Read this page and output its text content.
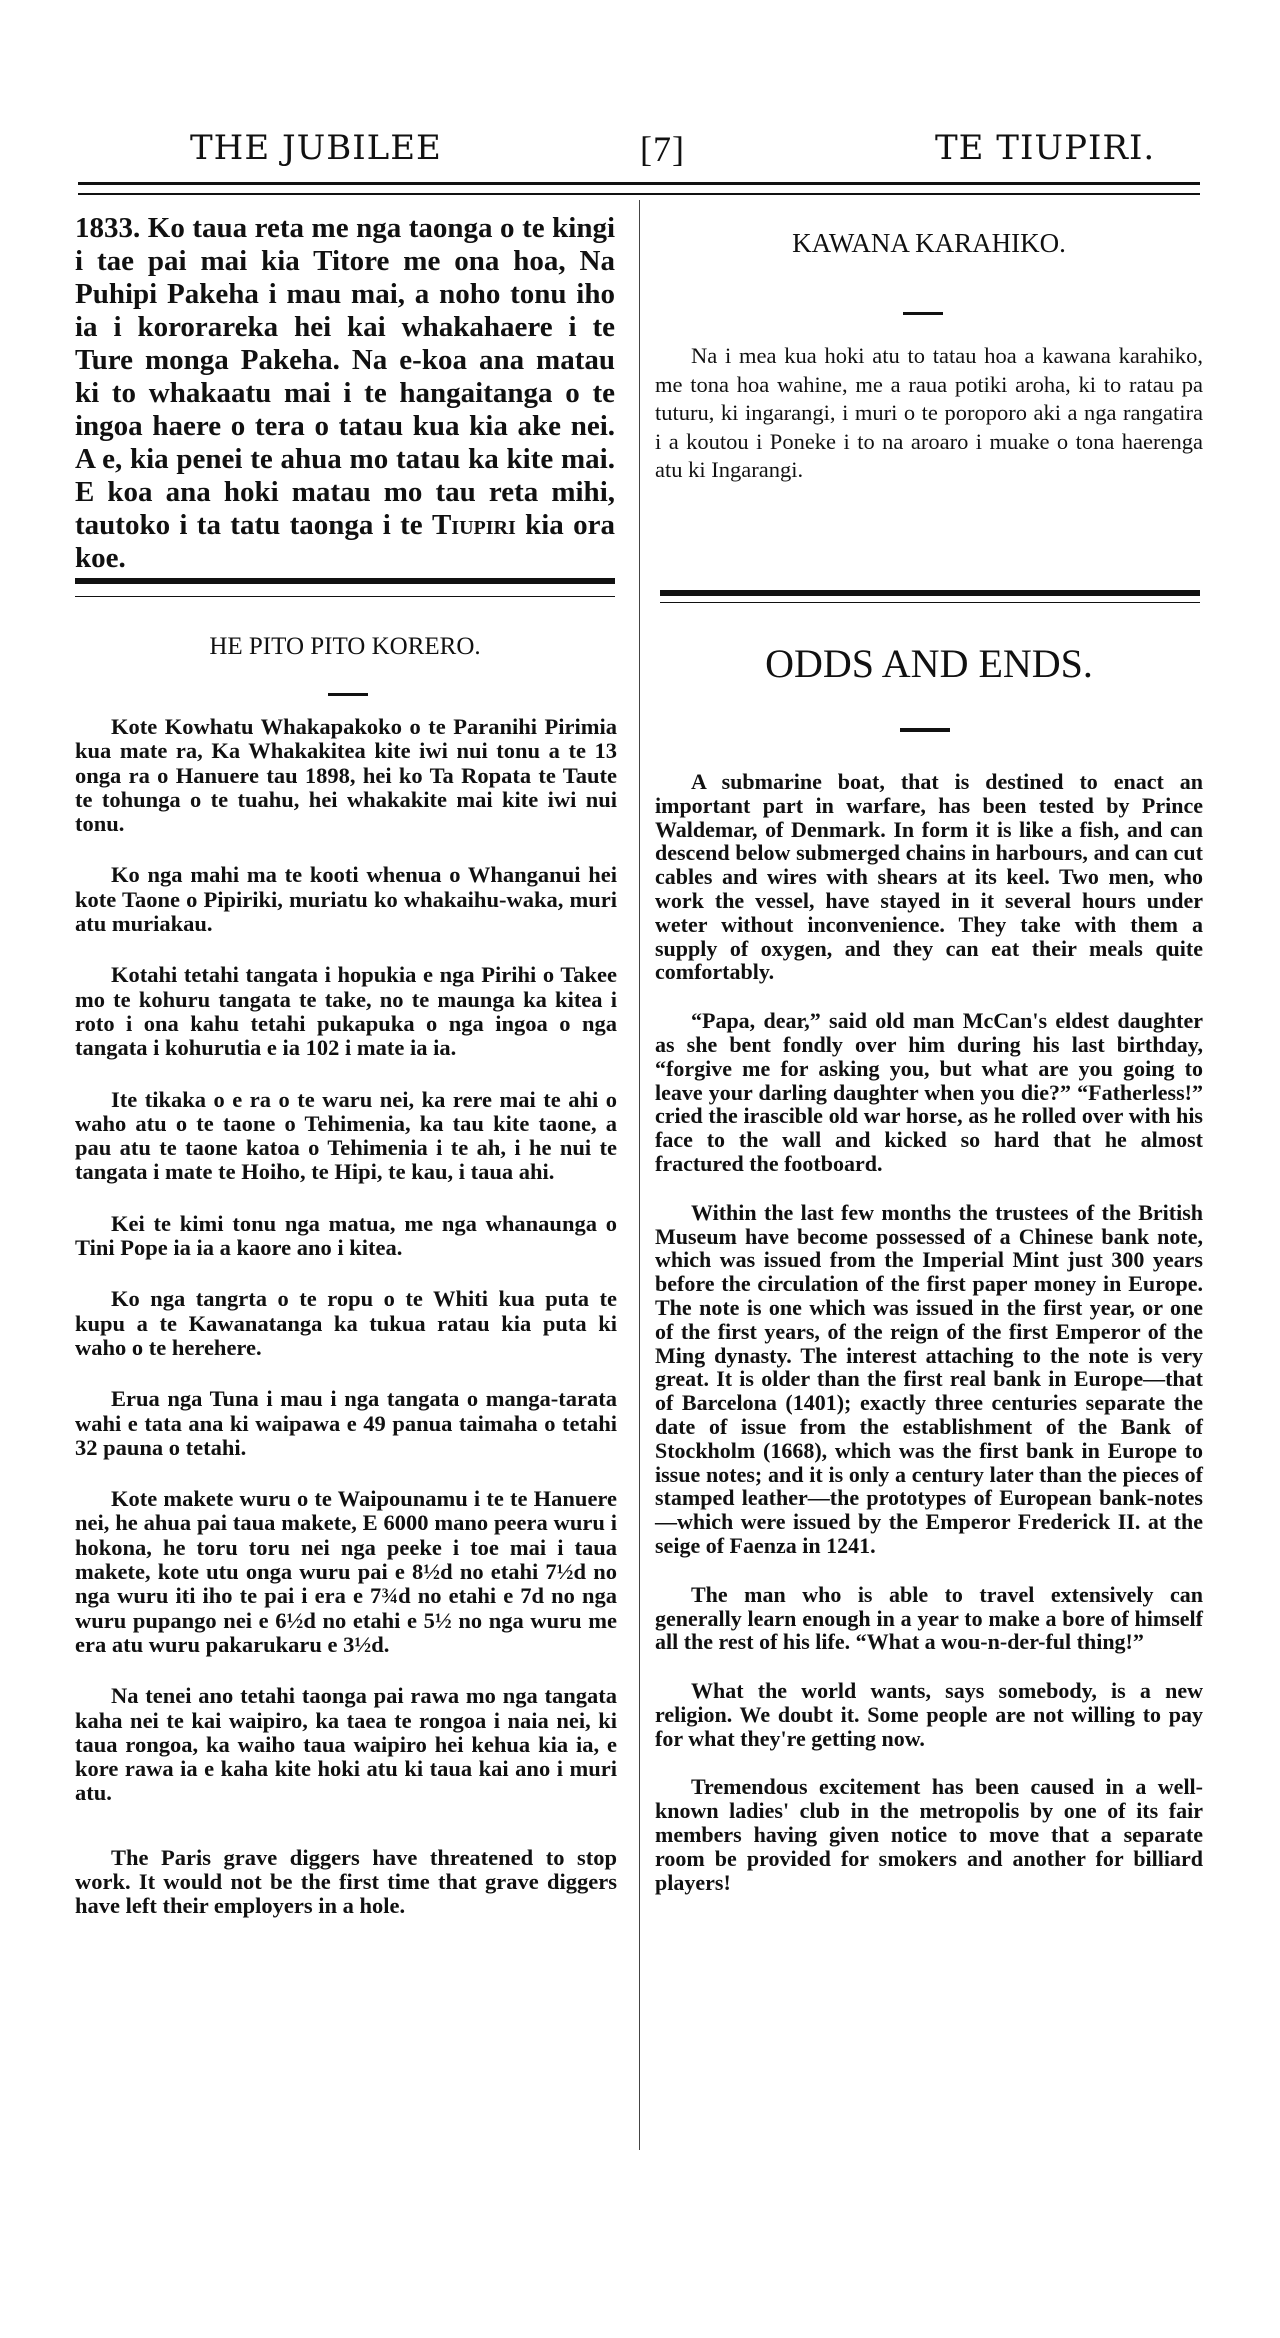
THE JUBILEE	[7]	TE TIUPIRI.

1833. Ko taua reta me nga taonga o te kingi i tae pai mai kia Titore me ona hoa, Na Puhipi Pakeha i mau mai, a noho tonu iho ia i kororareka hei kai whakahaere i te Ture monga Pakeha. Na e-koa ana matau ki to whakaatu mai i te hangaitanga o te ingoa haere o tera o tatau kua kia ake nei. A e, kia penei te ahua mo tatau ka kite mai. E koa ana hoki matau mo tau reta mihi, tautoko i ta tatu taonga i te Tiupiri kia ora koe.

HE PITO PITO KORERO.

Kote Kowhatu Whakapakoko o te Paranihi Pirimia kua mate ra, Ka Whakakitea kite iwi nui tonu a te 13 onga ra o Hanuere tau 1898, hei ko Ta Ropata te Taute te tohunga o te tuahu, hei whakakite mai kite iwi nui tonu.

Ko nga mahi ma te kooti whenua o Whanganui hei kote Taone o Pipiriki, muriatu ko whakaihu-waka, muri atu muriakau.

Kotahi tetahi tangata i hopukia e nga Pirihi o Takee mo te kohuru tangata te take, no te maunga ka kitea i roto i ona kahu tetahi pukapuka o nga ingoa o nga tangata i kohurutia e ia 102 i mate ia ia.

Ite tikaka o e ra o te waru nei, ka rere mai te ahi o waho atu o te taone o Tehimenia, ka tau kite taone, a pau atu te taone katoa o Tehimenia i te ah, i he nui te tangata i mate te Hoiho, te Hipi, te kau, i taua ahi.

Kei te kimi tonu nga matua, me nga whanaunga o Tini Pope ia ia a kaore ano i kitea.

Ko nga tangrta o te ropu o te Whiti kua puta te kupu a te Kawanatanga ka tukua ratau kia puta ki waho o te herehere.

Erua nga Tuna i mau i nga tangata o manga-tarata wahi e tata ana ki waipawa e 49 panua taimaha o tetahi 32 pauna o tetahi.

Kote makete wuru o te Waipounamu i te te Hanuere nei, he ahua pai taua makete, E 6000 mano peera wuru i hokona, he toru toru nei nga peeke i toe mai i taua makete, kote utu onga wuru pai e 8½d no etahi 7½d no nga wuru iti iho te pai i era e 7¾d no etahi e 7d no nga wuru pupango nei e 6½d no etahi e 5½ no nga wuru me era atu wuru pakarukaru e 3½d.

Na tenei ano tetahi taonga pai rawa mo nga tangata kaha nei te kai waipiro, ka taea te rongoa i naia nei, ki taua rongoa, ka waiho taua waipiro hei kehua kia ia, e kore rawa ia e kaha kite hoki atu ki taua kai ano i muri atu.

The Paris grave diggers have threatened to stop work. It would not be the first time that grave diggers have left their employers in a hole.

KAWANA KARAHIKO.

Na i mea kua hoki atu to tatau hoa a kawana karahiko, me tona hoa wahine, me a raua potiki aroha, ki to ratau pa tuturu, ki ingarangi, i muri o te poroporo aki a nga rangatira i a koutou i Poneke i to na aroaro i muake o tona haerenga atu ki Ingarangi.

ODDS AND ENDS.

A submarine boat, that is destined to enact an important part in warfare, has been tested by Prince Waldemar, of Denmark. In form it is like a fish, and can descend below submerged chains in harbours, and can cut cables and wires with shears at its keel. Two men, who work the vessel, have stayed in it several hours under weter without inconvenience. They take with them a supply of oxygen, and they can eat their meals quite comfortably.

“Papa, dear,” said old man McCan's eldest daughter as she bent fondly over him during his last birthday, “forgive me for asking you, but what are you going to leave your darling daughter when you die?” “Fatherless!” cried the irascible old war horse, as he rolled over with his face to the wall and kicked so hard that he almost fractured the footboard.

Within the last few months the trustees of the British Museum have become possessed of a Chinese bank note, which was issued from the Imperial Mint just 300 years before the circulation of the first paper money in Europe. The note is one which was issued in the first year, or one of the first years, of the reign of the first Emperor of the Ming dynasty. The interest attaching to the note is very great. It is older than the first real bank in Europe—that of Barcelona (1401); exactly three centuries separate the date of issue from the establishment of the Bank of Stockholm (1668), which was the first bank in Europe to issue notes; and it is only a century later than the pieces of stamped leather—the prototypes of European bank-notes—which were issued by the Emperor Frederick II. at the seige of Faenza in 1241.

The man who is able to travel extensively can generally learn enough in a year to make a bore of himself all the rest of his life. “What a wou-n-der-ful thing!”

What the world wants, says somebody, is a new religion. We doubt it. Some people are not willing to pay for what they're getting now.

Tremendous excitement has been caused in a well-known ladies' club in the metropolis by one of its fair members having given notice to move that a separate room be provided for smokers and another for billiard players!
